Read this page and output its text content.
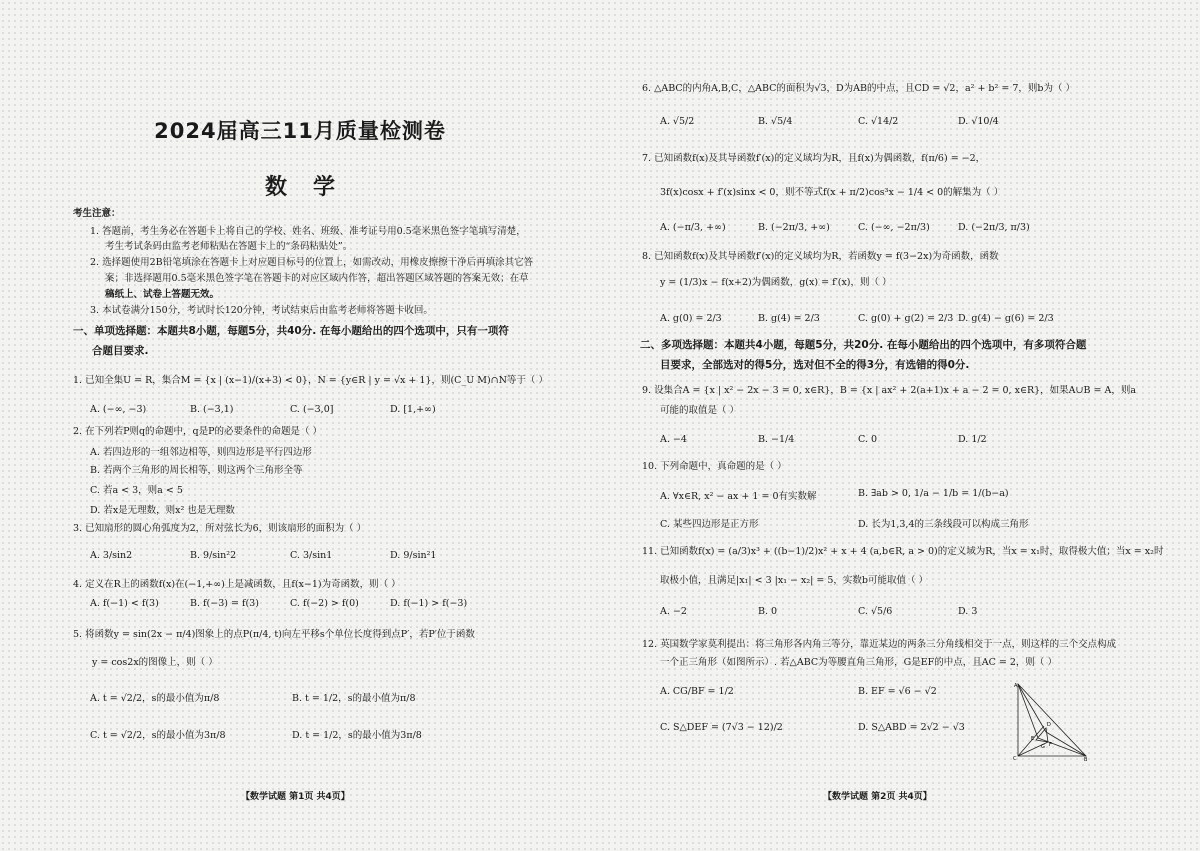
2024届高三11月质量检测卷
数学
考生注意：
1. 答题前，考生务必在答题卡上将自己的学校、姓名、班级、准考证号用0.5毫米黑色签字笔填写清楚，
考生考试条码由监考老师粘贴在答题卡上的“条码粘贴处”。
2. 选择题使用2B铅笔填涂在答题卡上对应题目标号的位置上，如需改动，用橡皮擦擦干净后再填涂其它答
案；非选择题用0.5毫米黑色签字笔在答题卡的对应区域内作答，超出答题区域答题的答案无效；在草
稿纸上、试卷上答题无效。
3. 本试卷满分150分，考试时长120分钟，考试结束后由监考老师将答题卡收回。
一、单项选择题：本题共8小题，每题5分，共40分. 在每小题给出的四个选项中，只有一项符
合题目要求.
1. 已知全集U = R，集合M = {x | (x−1)/(x+3) < 0}，N = {y∈R | y = √x + 1}，则(C_U M)∩N等于（ ）
A. (−∞, −3)	B. (−3,1)	C. (−3,0]	D. [1,+∞)
2. 在下列若P则q的命题中，q是P的必要条件的命题是（ ）
A. 若四边形的一组邻边相等，则四边形是平行四边形
B. 若两个三角形的周长相等，则这两个三角形全等
C. 若a < 3，则a < 5
D. 若x是无理数，则x² 也是无理数
3. 已知扇形的圆心角弧度为2，所对弦长为6，则该扇形的面积为（ ）
A. 3/sin2	B. 9/sin²2	C. 3/sin1	D. 9/sin²1
4. 定义在R上的函数f(x)在(−1,+∞)上是减函数，且f(x−1)为奇函数，则（ ）
A. f(−1) < f(3)	B. f(−3) = f(3)	C. f(−2) > f(0)	D. f(−1) > f(−3)
5. 将函数y = sin(2x − π/4)图象上的点P(π/4, t)向左平移s个单位长度得到点P′，若P′位于函数
y = cos2x的图像上，则（ ）
A. t = √2/2，s的最小值为π/8	B. t = 1/2，s的最小值为π/8
C. t = √2/2，s的最小值为3π/8	D. t = 1/2，s的最小值为3π/8
【数学试题 第1页 共4页】
6. △ABC的内角A,B,C，△ABC的面积为√3，D为AB的中点，且CD = √2，a² + b² = 7，则b为（ ）
A. √5/2	B. √5/4	C. √14/2	D. √10/4
7. 已知函数f(x)及其导函数f′(x)的定义域均为R，且f(x)为偶函数，f(π/6) = −2，
3f(x)cosx + f′(x)sinx < 0，则不等式f(x + π/2)cos³x − 1/4 < 0的解集为（ ）
A. (−π/3, +∞)	B. (−2π/3, +∞)	C. (−∞, −2π/3)	D. (−2π/3, π/3)
8. 已知函数f(x)及其导函数f′(x)的定义域均为R，若函数y = f(3−2x)为奇函数，函数
y = (1/3)x − f(x+2)为偶函数，g(x) = f′(x)，则（ ）
A. g(0) = 2/3	B. g(4) = 2/3	C. g(0) + g(2) = 2/3 D. g(4) − g(6) = 2/3
二、多项选择题：本题共4小题，每题5分，共20分. 在每小题给出的四个选项中，有多项符合题
目要求，全部选对的得5分，选对但不全的得3分，有选错的得0分.
9. 设集合A = {x | x² − 2x − 3 = 0, x∈R}，B = {x | ax² + 2(a+1)x + a − 2 = 0, x∈R}，如果A∪B = A，则a
可能的取值是（ ）
A. −4	B. −1/4	C. 0	D. 1/2
10. 下列命题中，真命题的是（ ）
A. ∀x∈R, x² − ax + 1 = 0有实数解	B. ∃ab > 0, 1/a − 1/b = 1/(b−a)
C. 某些四边形是正方形	D. 长为1,3,4的三条线段可以构成三角形
11. 已知函数f(x) = (a/3)x³ + ((b−1)/2)x² + x + 4 (a,b∈R, a > 0)的定义域为R，当x = x₁时，取得极大值；当x = x₂时
取极小值，且满足|x₁| < 3 |x₁ − x₂| = 5，实数b可能取值（ ）
A. −2	B. 0	C. √5/6	D. 3
12. 英国数学家莫利提出：将三角形各内角三等分，靠近某边的两条三分角线相交于一点，则这样的三个交点构成
一个正三角形（如图所示）. 若△ABC为等腰直角三角形，G是EF的中点，且AC = 2，则（ ）
A. CG/BF = 1/2	B. EF = √6 − √2
C. S△DEF = (7√3 − 12)/2	D. S△ABD = 2√2 − √3
A
C	B
D
E
F
G
【数学试题 第2页 共4页】
